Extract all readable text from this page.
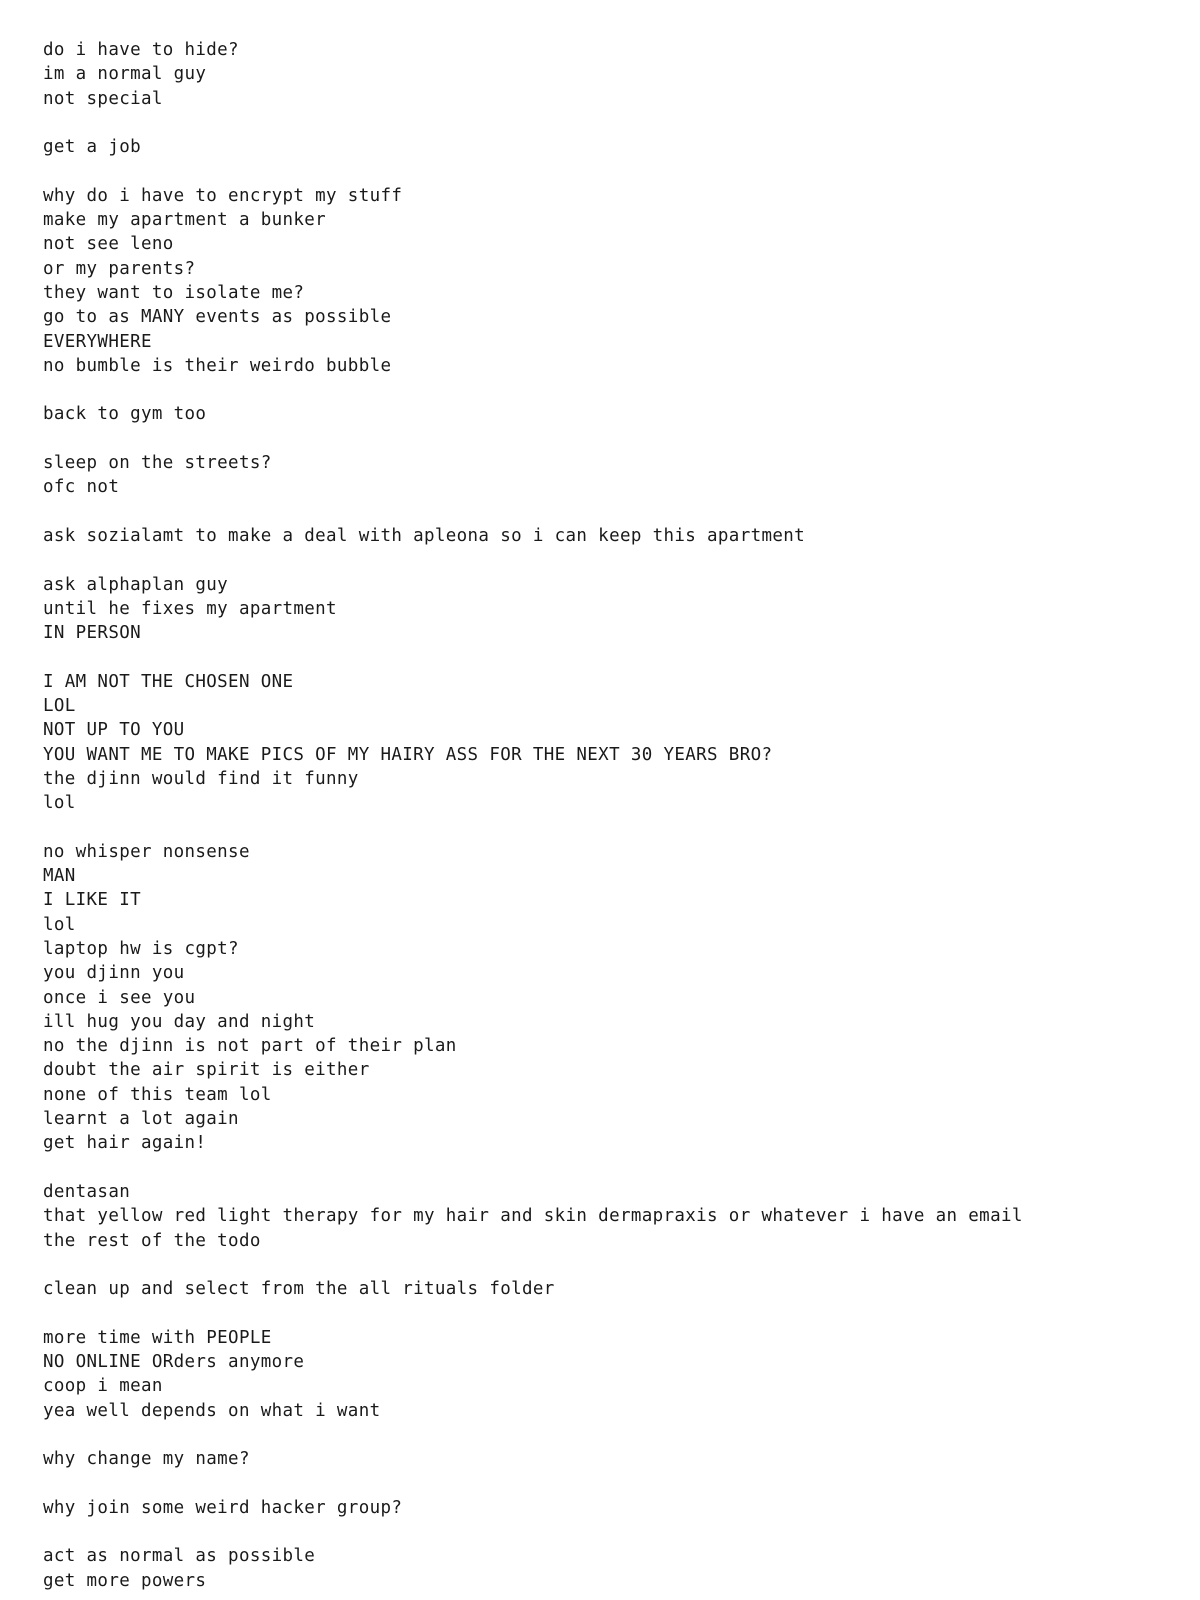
do i have to hide?
im a normal guy
not special
get a job
why do i have to encrypt my stuff
make my apartment a bunker
not see leno
or my parents?
they want to isolate me?
go to as MANY events as possible
EVERYWHERE
no bumble is their weirdo bubble
back to gym too
sleep on the streets?
ofc not
ask sozialamt to make a deal with apleona so i can keep this apartment
ask alphaplan guy
until he fixes my apartment
IN PERSON
I AM NOT THE CHOSEN ONE
LOL
NOT UP TO YOU
YOU WANT ME TO MAKE PICS OF MY HAIRY ASS FOR THE NEXT 30 YEARS BRO?
the djinn would find it funny
lol
no whisper nonsense
MAN
I LIKE IT
lol
laptop hw is cgpt?
you djinn you
once i see you
ill hug you day and night
no the djinn is not part of their plan
doubt the air spirit is either
none of this team lol
learnt a lot again
get hair again!
dentasan
that yellow red light therapy for my hair and skin dermapraxis or whatever i have an email
the rest of the todo
clean up and select from the all rituals folder
more time with PEOPLE
NO ONLINE ORders anymore
coop i mean
yea well depends on what i want
why change my name?
why join some weird hacker group?
act as normal as possible
get more powers
